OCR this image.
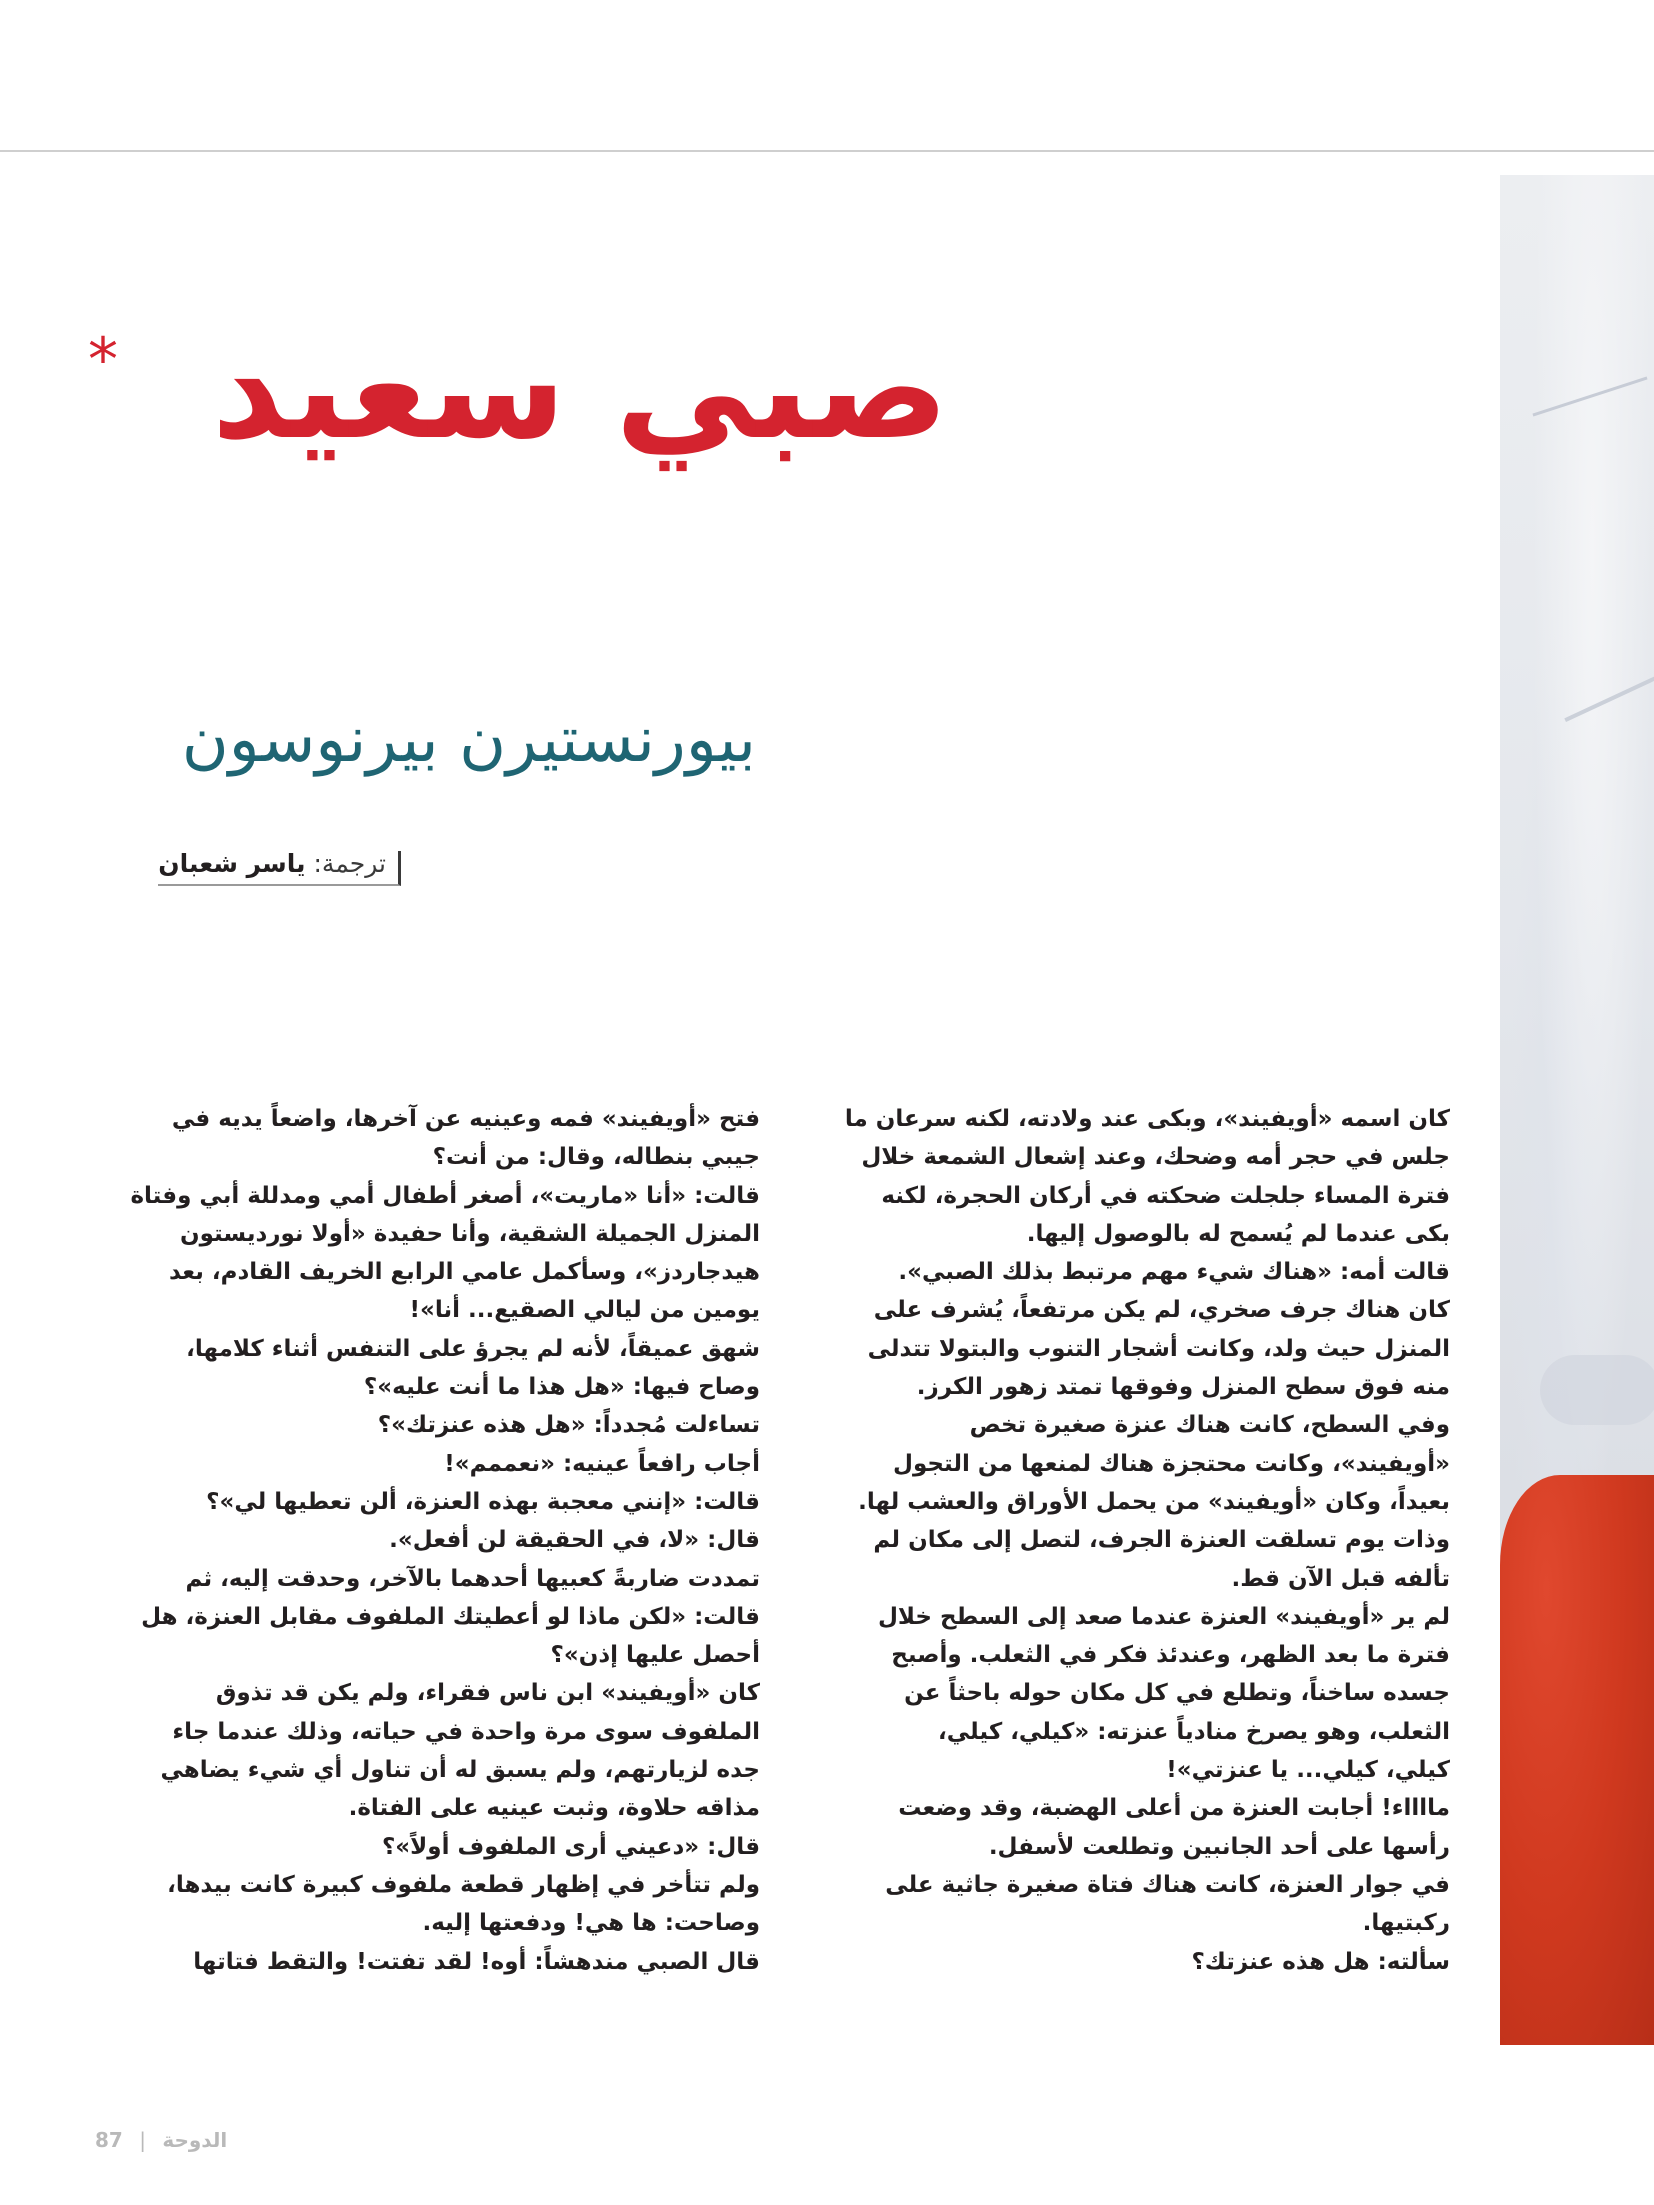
صبي سعيد
*
بيورنستيرن بيرنوسون
ترجمة: ياسر شعبان

كان اسمه «أويفيند»، وبكى عند ولادته، لكنه سرعان ما

جلس في حجر أمه وضحك، وعند إشعال الشمعة خلال

فترة المساء جلجلت ضحكته في أركان الحجرة، لكنه

بكى عندما لم يُسمح له بالوصول إليها.

قالت أمه: «هناك شيء مهم مرتبط بذلك الصبي».

كان هناك جرف صخري، لم يكن مرتفعاً، يُشرف على

المنزل حيث ولد، وكانت أشجار التنوب والبتولا تتدلى

منه فوق سطح المنزل وفوقها تمتد زهور الكرز.

وفي السطح، كانت هناك عنزة صغيرة تخص

«أويفيند»، وكانت محتجزة هناك لمنعها من التجول

بعيداً، وكان «أويفيند» من يحمل الأوراق والعشب لها.

وذات يوم تسلقت العنزة الجرف، لتصل إلى مكان لم

تألفه قبل الآن قط.

لم ير «أويفيند» العنزة عندما صعد إلى السطح خلال

فترة ما بعد الظهر، وعندئذ فكر في الثعلب. وأصبح

جسده ساخناً، وتطلع في كل مكان حوله باحثاً عن

الثعلب، وهو يصرخ منادياً عنزته: «كيلي، كيلي،

كيلي، كيلي... يا عنزتي»!

مااااء! أجابت العنزة من أعلى الهضبة، وقد وضعت

رأسها على أحد الجانبين وتطلعت لأسفل.

في جوار العنزة، كانت هناك فتاة صغيرة جاثية على

ركبتيها.

سألته: هل هذه عنزتك؟

فتح «أويفيند» فمه وعينيه عن آخرها، واضعاً يديه في

جيبي بنطاله، وقال: من أنت؟

قالت: «أنا «ماريت»، أصغر أطفال أمي ومدللة أبي وفتاة

المنزل الجميلة الشقية، وأنا حفيدة «أولا نورديستون

هيدجاردز»، وسأكمل عامي الرابع الخريف القادم، بعد

يومين من ليالي الصقيع... أنا»!

شهق عميقاً، لأنه لم يجرؤ على التنفس أثناء كلامها،

وصاح فيها: «هل هذا ما أنت عليه»؟

تساءلت مُجدداً: «هل هذه عنزتك»؟

أجاب رافعاً عينيه: «نعممم»!

قالت: «إنني معجبة بهذه العنزة، ألن تعطيها لي»؟

قال: «لا، في الحقيقة لن أفعل».

تمددت ضاربةً كعبيها أحدهما بالآخر، وحدقت إليه، ثم

قالت: «لكن ماذا لو أعطيتك الملفوف مقابل العنزة، هل

أحصل عليها إذن»؟

كان «أويفيند» ابن ناس فقراء، ولم يكن قد تذوق

الملفوف سوى مرة واحدة في حياته، وذلك عندما جاء

جده لزيارتهم، ولم يسبق له أن تناول أي شيء يضاهي

مذاقه حلاوة، وثبت عينيه على الفتاة.

قال: «دعيني أرى الملفوف أولاً»؟

ولم تتأخر في إظهار قطعة ملفوف كبيرة كانت بيدها،

وصاحت: ها هي! ودفعتها إليه.

قال الصبي مندهشاً: أوه! لقد تفتت! والتقط فتاتها

87 | الدوحة
